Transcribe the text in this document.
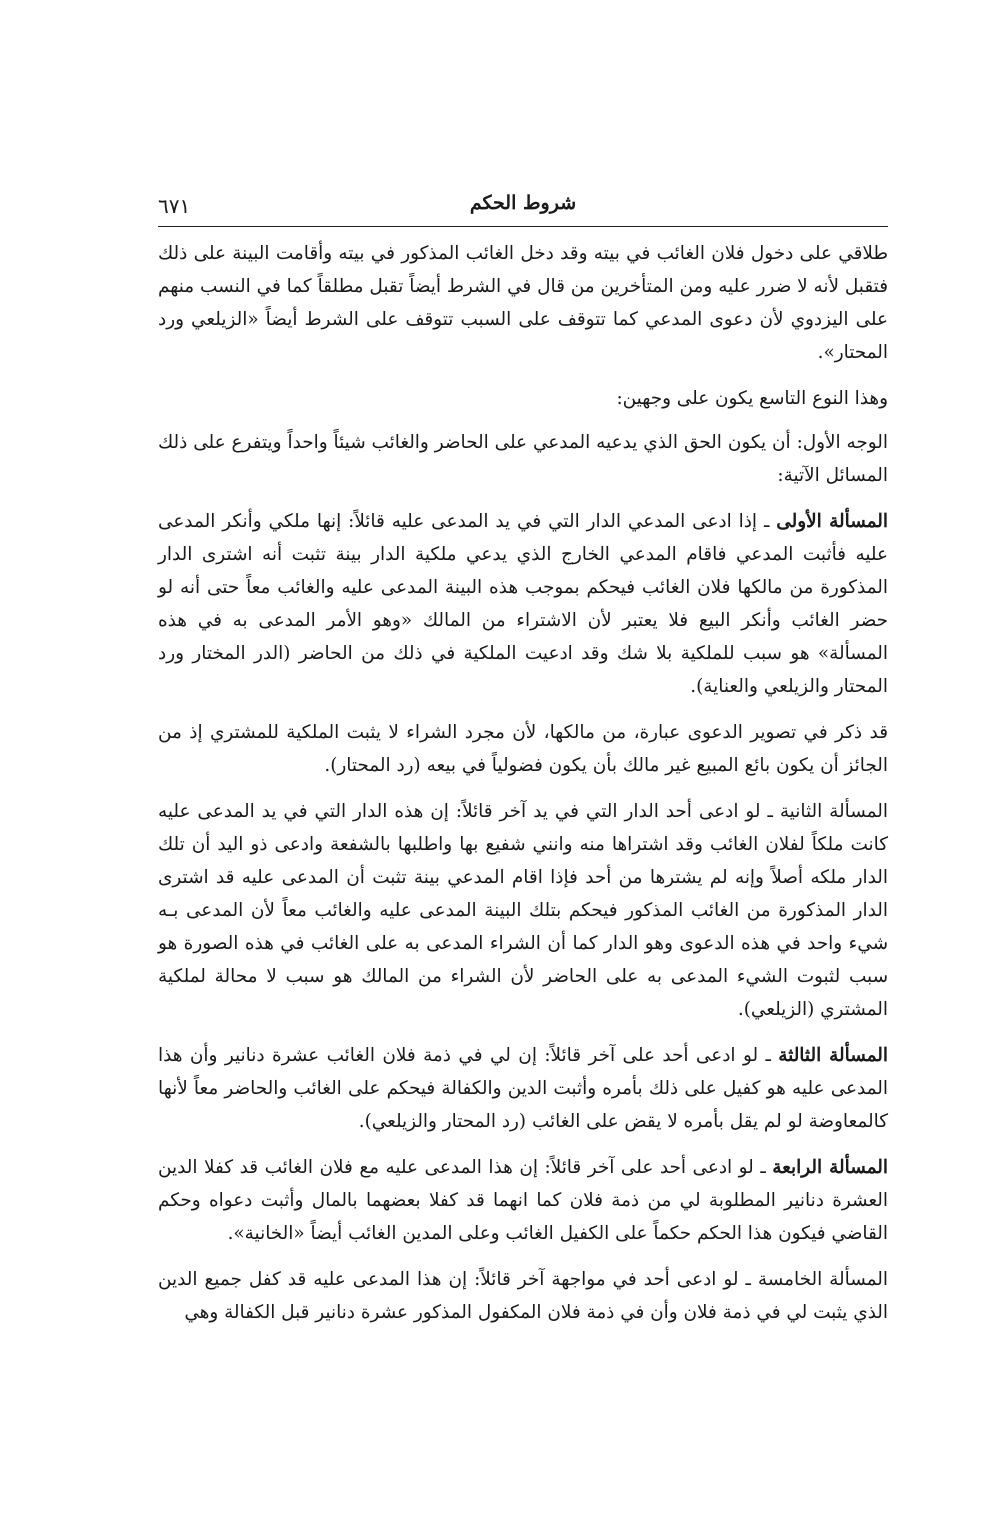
شروط الحكم
٦٧١

طلاقي على دخول فلان الغائب في بيته وقد دخل الغائب المذكور في بيته وأقامت البينة على ذلك فتقبل لأنه لا ضرر عليه ومن المتأخرين من قال في الشرط أيضاً تقبل مطلقاً كما في النسب منهم على اليزدوي لأن دعوى المدعي كما تتوقف على السبب تتوقف على الشرط أيضاً «الزيلعي ورد المحتار».

وهذا النوع التاسع يكون على وجهين:

الوجه الأول: أن يكون الحق الذي يدعيه المدعي على الحاضر والغائب شيئاً واحداً ويتفرع على ذلك المسائل الآتية:

المسألة الأولى ـ إذا ادعى المدعي الدار التي في يد المدعى عليه قائلاً: إنها ملكي وأنكر المدعى عليه فأثبت المدعي فاقام المدعي الخارج الذي يدعي ملكية الدار بينة تثبت أنه اشترى الدار المذكورة من مالكها فلان الغائب فيحكم بموجب هذه البينة المدعى عليه والغائب معاً حتى أنه لو حضر الغائب وأنكر البيع فلا يعتبر لأن الاشتراء من المالك «وهو الأمر المدعى به في هذه المسألة» هو سبب للملكية بلا شك وقد ادعيت الملكية في ذلك من الحاضر (الدر المختار ورد المحتار والزيلعي والعناية).

قد ذكر في تصوير الدعوى عبارة، من مالكها، لأن مجرد الشراء لا يثبت الملكية للمشتري إذ من الجائز أن يكون بائع المبيع غير مالك بأن يكون فضولياً في بيعه (رد المحتار).

المسألة الثانية ـ لو ادعى أحد الدار التي في يد آخر قائلاً: إن هذه الدار التي في يد المدعى عليه كانت ملكاً لفلان الغائب وقد اشتراها منه وانني شفيع بها واطلبها بالشفعة وادعى ذو اليد أن تلك الدار ملكه أصلاً وإنه لم يشترها من أحد فإذا اقام المدعي بينة تثبت أن المدعى عليه قد اشترى الدار المذكورة من الغائب المذكور فيحكم بتلك البينة المدعى عليه والغائب معاً لأن المدعى بـه شيء واحد في هذه الدعوى وهو الدار كما أن الشراء المدعى به على الغائب في هذه الصورة هو سبب لثبوت الشيء المدعى به على الحاضر لأن الشراء من المالك هو سبب لا محالة لملكية المشتري (الزيلعي).

المسألة الثالثة ـ لو ادعى أحد على آخر قائلاً: إن لي في ذمة فلان الغائب عشرة دنانير وأن هذا المدعى عليه هو كفيل على ذلك بأمره وأثبت الدين والكفالة فيحكم على الغائب والحاضر معاً لأنها كالمعاوضة لو لم يقل بأمره لا يقض على الغائب (رد المحتار والزيلعي).

المسألة الرابعة ـ لو ادعى أحد على آخر قائلاً: إن هذا المدعى عليه مع فلان الغائب قد كفلا الدين العشرة دنانير المطلوبة لي من ذمة فلان كما انهما قد كفلا بعضهما بالمال وأثبت دعواه وحكم القاضي فيكون هذا الحكم حكماً على الكفيل الغائب وعلى المدين الغائب أيضاً «الخانية».

المسألة الخامسة ـ لو ادعى أحد في مواجهة آخر قائلاً: إن هذا المدعى عليه قد كفل جميع الدين الذي يثبت لي في ذمة فلان وأن في ذمة فلان المكفول المذكور عشرة دنانير قبل الكفالة وهي
